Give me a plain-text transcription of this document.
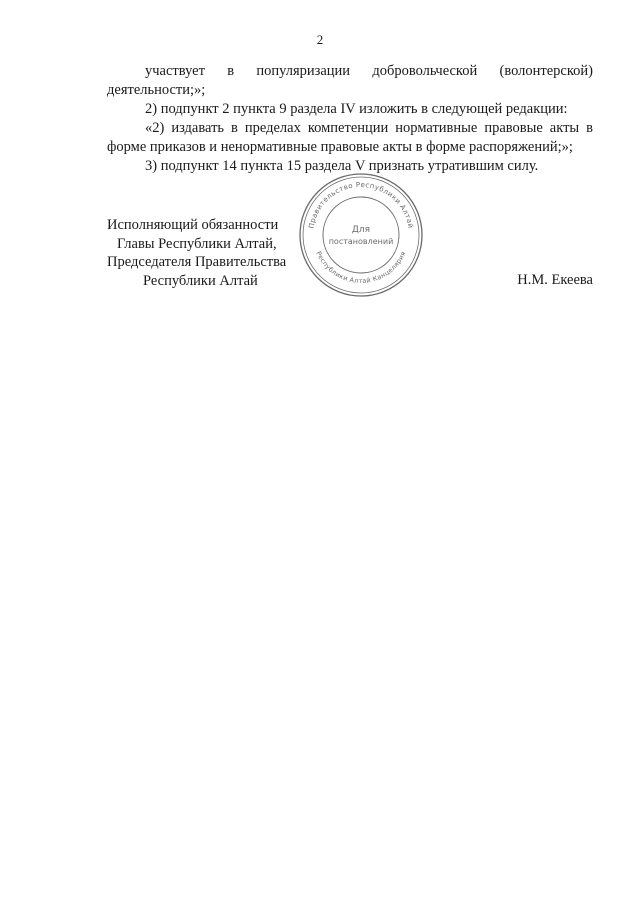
2

участвует в популяризации добровольческой (волонтерской) деятельности;»;

2) подпункт 2 пункта 9 раздела IV изложить в следующей редакции:

«2) издавать в пределах компетенции нормативные правовые акты в форме приказов и ненормативные правовые акты в форме распоряжений;»;

3) подпункт 14 пункта 15 раздела V признать утратившим силу.

Исполняющий обязанности
Главы Республики Алтай,
Председателя Правительства
Республики Алтай	Н.М. Екеева
Правительство Республики Алтай
Республики Алтай Канцелярия
Для
постановлений
